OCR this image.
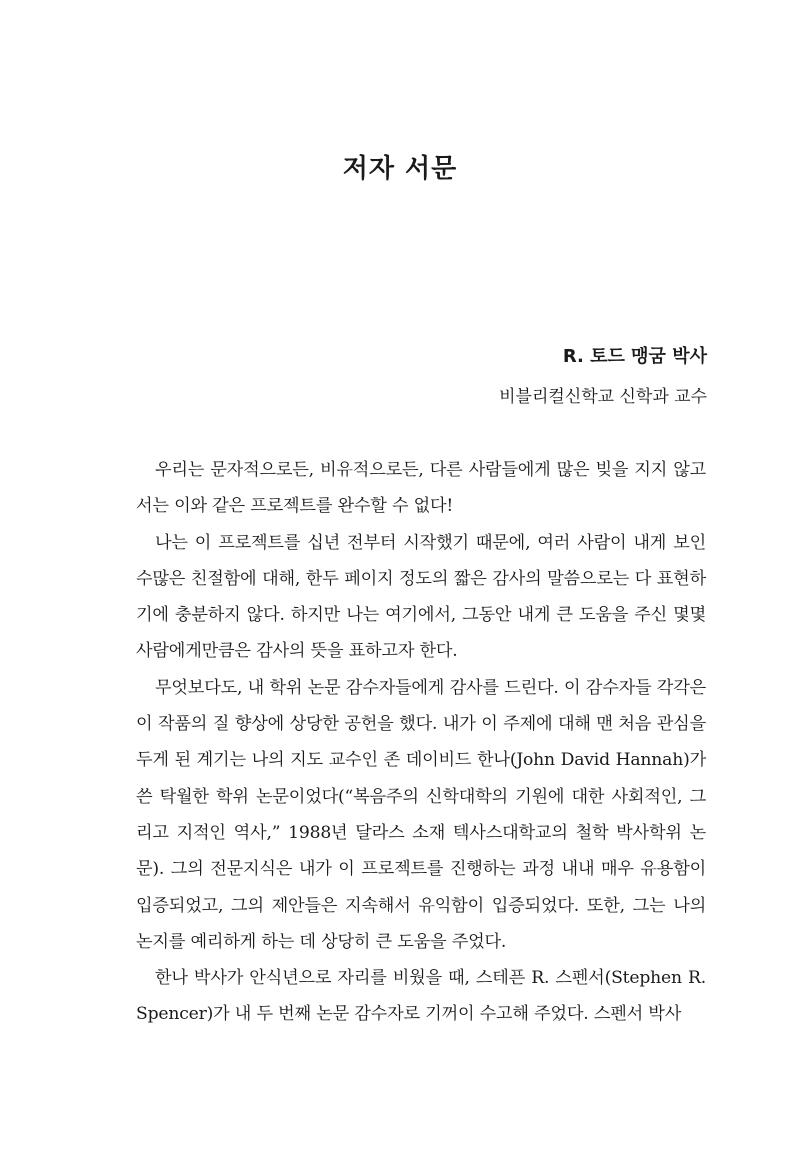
저자 서문

R. 토드 맹굼 박사

비블리컬신학교 신학과 교수

우리는 문자적으로든, 비유적으로든, 다른 사람들에게 많은 빚을 지지 않고서는 이와 같은 프로젝트를 완수할 수 없다!

나는 이 프로젝트를 십년 전부터 시작했기 때문에, 여러 사람이 내게 보인 수많은 친절함에 대해, 한두 페이지 정도의 짧은 감사의 말씀으로는 다 표현하기에 충분하지 않다. 하지만 나는 여기에서, 그동안 내게 큰 도움을 주신 몇몇 사람에게만큼은 감사의 뜻을 표하고자 한다.

무엇보다도, 내 학위 논문 감수자들에게 감사를 드린다. 이 감수자들 각각은 이 작품의 질 향상에 상당한 공헌을 했다. 내가 이 주제에 대해 맨 처음 관심을 두게 된 계기는 나의 지도 교수인 존 데이비드 한나(John David Hannah)가 쓴 탁월한 학위 논문이었다(“복음주의 신학대학의 기원에 대한 사회적인, 그리고 지적인 역사,” 1988년 달라스 소재 텍사스대학교의 철학 박사학위 논문). 그의 전문지식은 내가 이 프로젝트를 진행하는 과정 내내 매우 유용함이 입증되었고, 그의 제안들은 지속해서 유익함이 입증되었다. 또한, 그는 나의 논지를 예리하게 하는 데 상당히 큰 도움을 주었다.

한나 박사가 안식년으로 자리를 비웠을 때, 스테픈 R. 스펜서(Stephen R. Spencer)가 내 두 번째 논문 감수자로 기꺼이 수고해 주었다. 스펜서 박사
